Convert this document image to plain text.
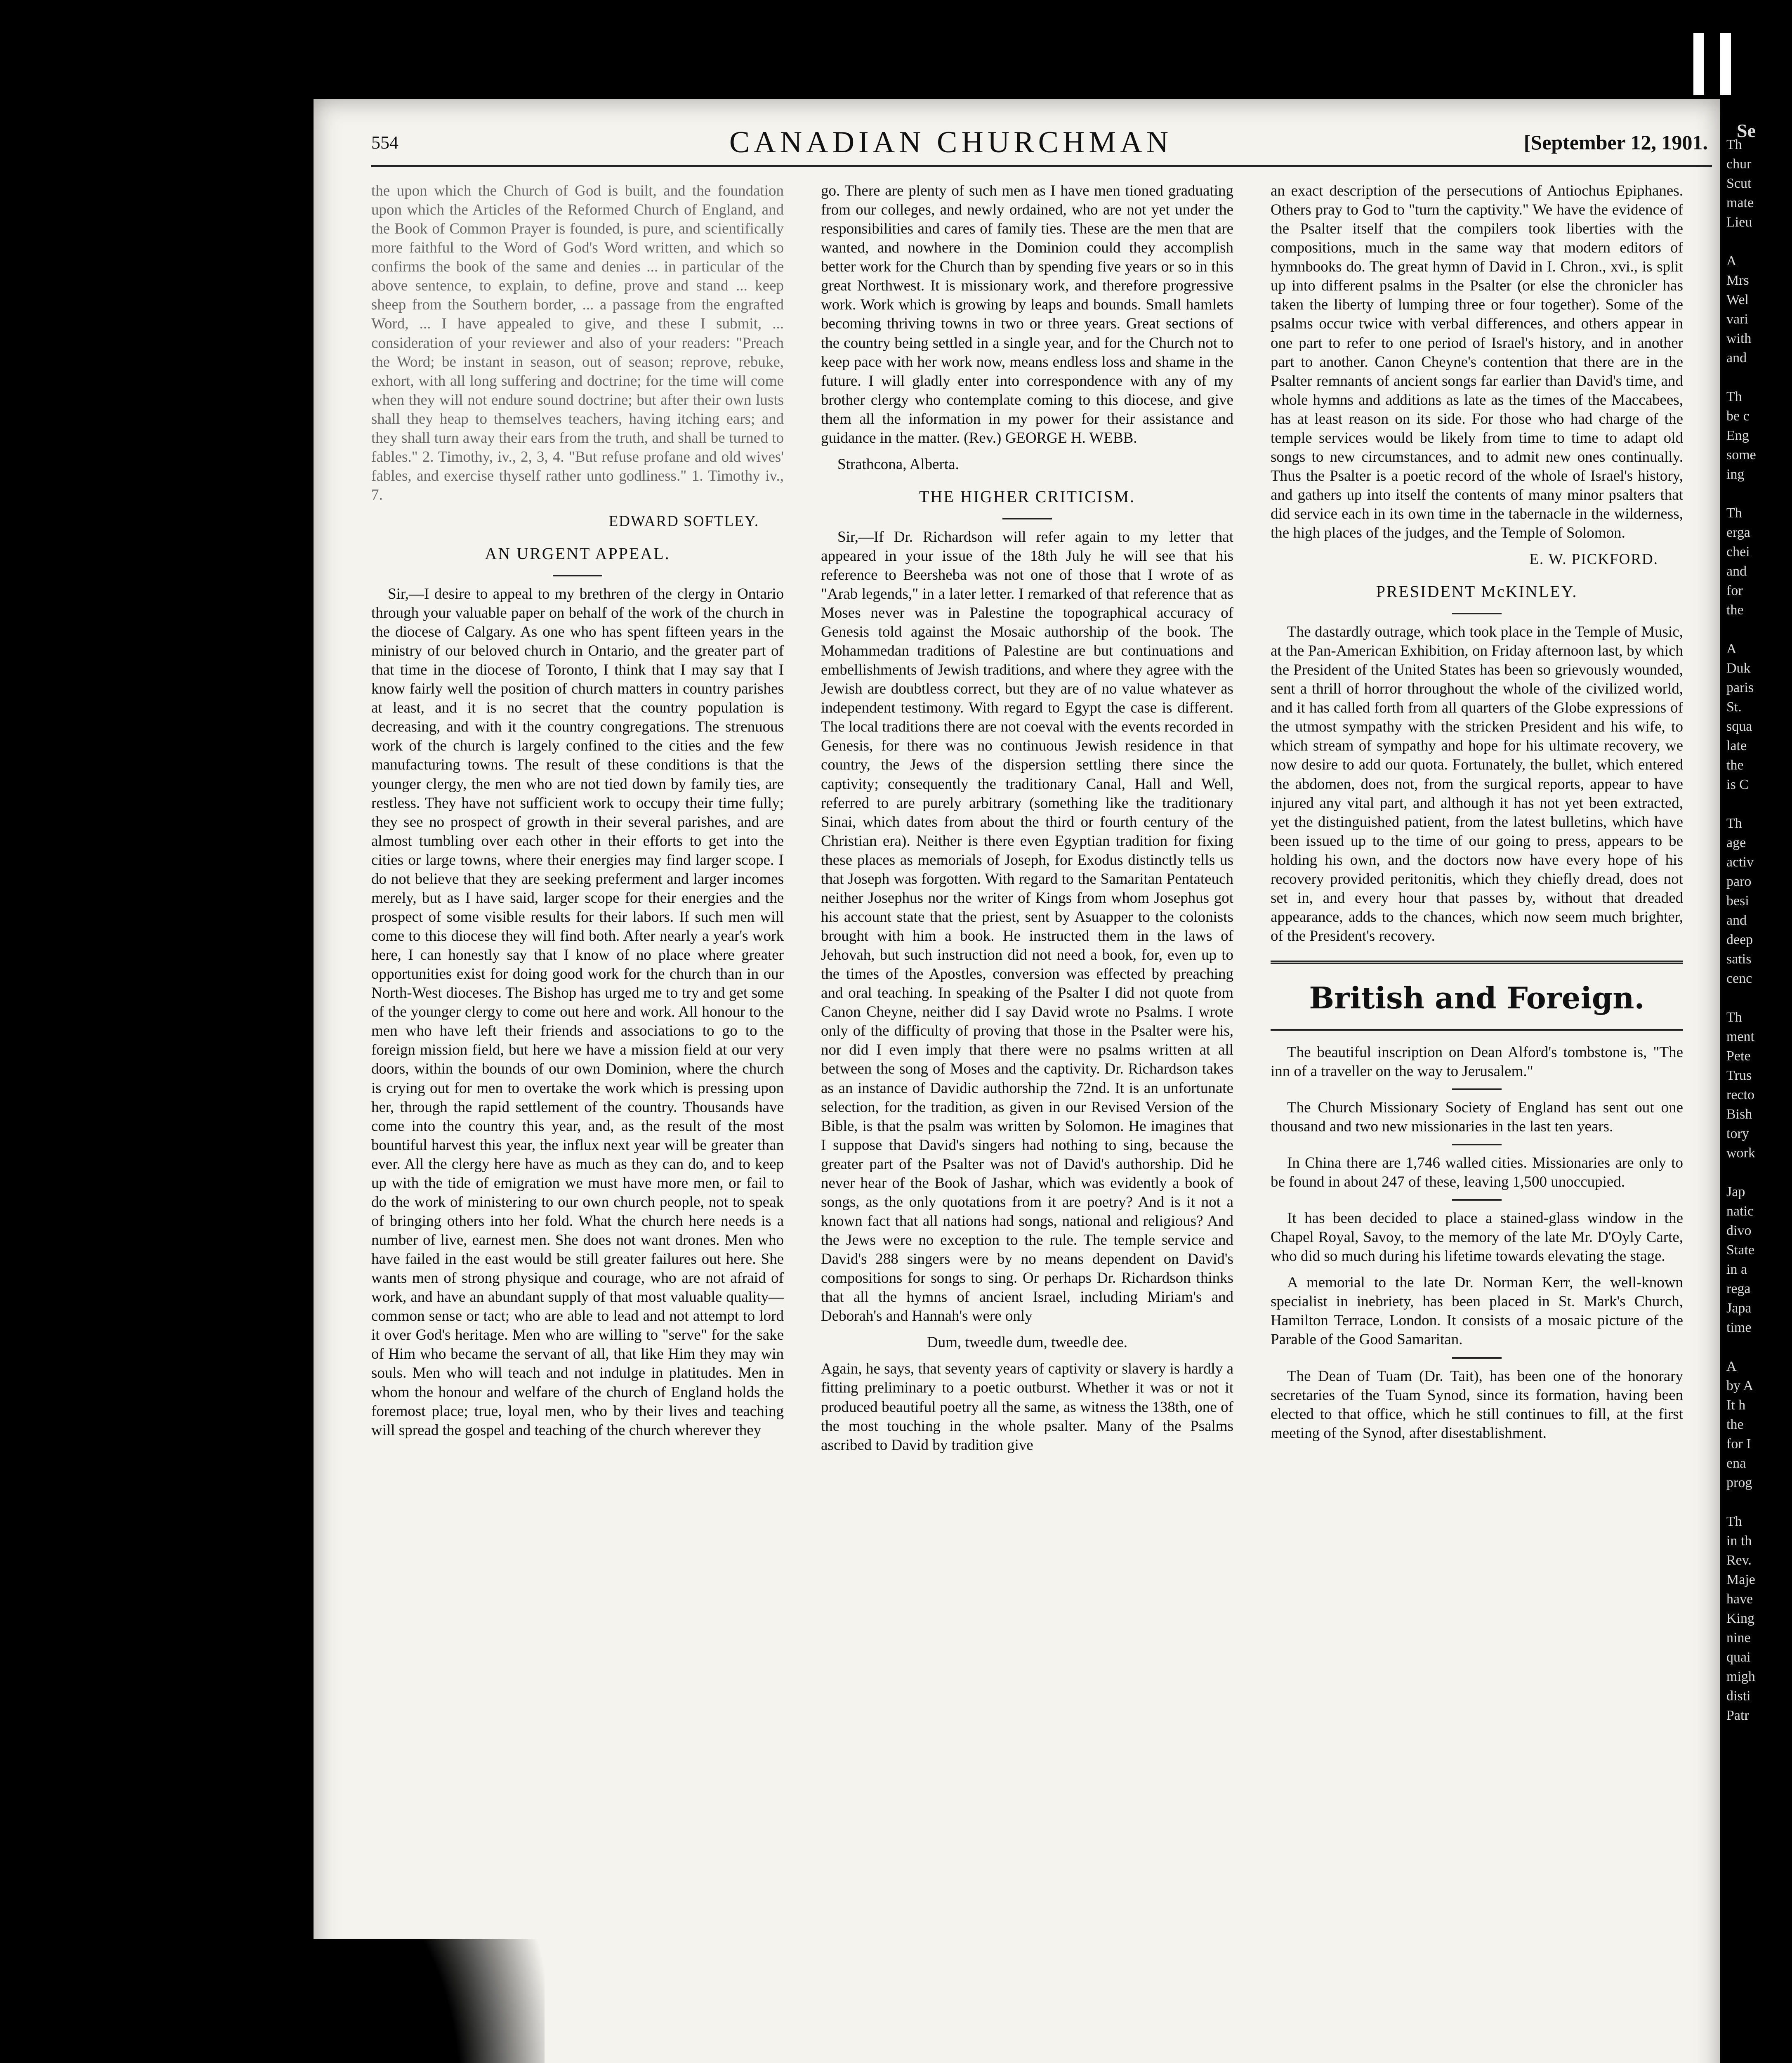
554	CANADIAN CHURCHMAN	[September 12, 1901.

the upon which the Church of God is built, and the foundation upon which the Articles of the Reformed Church of England, and the Book of Common Prayer is founded, is pure, and scientifically more faithful to the Word of God's Word written, and which so confirms the book of the same and denies ... in particular of the above sentence, to explain, to define, prove and stand ... keep sheep from the Southern border, ... a passage from the engrafted Word, ... I have appealed to give, and these I submit, ... consideration of your reviewer and also of your readers: "Preach the Word; be instant in season, out of season; reprove, rebuke, exhort, with all long suffering and doctrine; for the time will come when they will not endure sound doctrine; but after their own lusts shall they heap to themselves teachers, having itching ears; and they shall turn away their ears from the truth, and shall be turned to fables." 2. Timothy, iv., 2, 3, 4. "But refuse profane and old wives' fables, and exercise thyself rather unto godliness." 1. Timothy iv., 7.

EDWARD SOFTLEY.
AN URGENT APPEAL.

Sir,—I desire to appeal to my brethren of the clergy in Ontario through your valuable paper on behalf of the work of the church in the diocese of Calgary. As one who has spent fifteen years in the ministry of our beloved church in Ontario, and the greater part of that time in the diocese of Toronto, I think that I may say that I know fairly well the position of church matters in country parishes at least, and it is no secret that the country population is decreasing, and with it the country congregations. The strenuous work of the church is largely confined to the cities and the few manufacturing towns. The result of these conditions is that the younger clergy, the men who are not tied down by family ties, are restless. They have not sufficient work to occupy their time fully; they see no prospect of growth in their several parishes, and are almost tumbling over each other in their efforts to get into the cities or large towns, where their energies may find larger scope. I do not believe that they are seeking preferment and larger incomes merely, but as I have said, larger scope for their energies and the prospect of some visible results for their labors. If such men will come to this diocese they will find both. After nearly a year's work here, I can honestly say that I know of no place where greater opportunities exist for doing good work for the church than in our North-West dioceses. The Bishop has urged me to try and get some of the younger clergy to come out here and work. All honour to the men who have left their friends and associations to go to the foreign mission field, but here we have a mission field at our very doors, within the bounds of our own Dominion, where the church is crying out for men to overtake the work which is pressing upon her, through the rapid settlement of the country. Thousands have come into the country this year, and, as the result of the most bountiful harvest this year, the influx next year will be greater than ever. All the clergy here have as much as they can do, and to keep up with the tide of emigration we must have more men, or fail to do the work of ministering to our own church people, not to speak of bringing others into her fold. What the church here needs is a number of live, earnest men. She does not want drones. Men who have failed in the east would be still greater failures out here. She wants men of strong physique and courage, who are not afraid of work, and have an abundant supply of that most valuable quality—common sense or tact; who are able to lead and not attempt to lord it over God's heritage. Men who are willing to "serve" for the sake of Him who became the servant of all, that like Him they may win souls. Men who will teach and not indulge in platitudes. Men in whom the honour and welfare of the church of England holds the foremost place; true, loyal men, who by their lives and teaching will spread the gospel and teaching of the church wherever they

go. There are plenty of such men as I have men tioned graduating from our colleges, and newly ordained, who are not yet under the responsibilities and cares of family ties. These are the men that are wanted, and nowhere in the Dominion could they accomplish better work for the Church than by spending five years or so in this great Northwest. It is missionary work, and therefore progressive work. Work which is growing by leaps and bounds. Small hamlets becoming thriving towns in two or three years. Great sections of the country being settled in a single year, and for the Church not to keep pace with her work now, means endless loss and shame in the future. I will gladly enter into correspondence with any of my brother clergy who contemplate coming to this diocese, and give them all the information in my power for their assistance and guidance in the matter. (Rev.) GEORGE H. WEBB.

Strathcona, Alberta.
THE HIGHER CRITICISM.

Sir,—If Dr. Richardson will refer again to my letter that appeared in your issue of the 18th July he will see that his reference to Beersheba was not one of those that I wrote of as "Arab legends," in a later letter. I remarked of that reference that as Moses never was in Palestine the topographical accuracy of Genesis told against the Mosaic authorship of the book. The Mohammedan traditions of Palestine are but continuations and embellishments of Jewish traditions, and where they agree with the Jewish are doubtless correct, but they are of no value whatever as independent testimony. With regard to Egypt the case is different. The local traditions there are not coeval with the events recorded in Genesis, for there was no continuous Jewish residence in that country, the Jews of the dispersion settling there since the captivity; consequently the traditionary Canal, Hall and Well, referred to are purely arbitrary (something like the traditionary Sinai, which dates from about the third or fourth century of the Christian era). Neither is there even Egyptian tradition for fixing these places as memorials of Joseph, for Exodus distinctly tells us that Joseph was forgotten. With regard to the Samaritan Pentateuch neither Josephus nor the writer of Kings from whom Josephus got his account state that the priest, sent by Asuapper to the colonists brought with him a book. He instructed them in the laws of Jehovah, but such instruction did not need a book, for, even up to the times of the Apostles, conversion was effected by preaching and oral teaching. In speaking of the Psalter I did not quote from Canon Cheyne, neither did I say David wrote no Psalms. I wrote only of the difficulty of proving that those in the Psalter were his, nor did I even imply that there were no psalms written at all between the song of Moses and the captivity. Dr. Richardson takes as an instance of Davidic authorship the 72nd. It is an unfortunate selection, for the tradition, as given in our Revised Version of the Bible, is that the psalm was written by Solomon. He imagines that I suppose that David's singers had nothing to sing, because the greater part of the Psalter was not of David's authorship. Did he never hear of the Book of Jashar, which was evidently a book of songs, as the only quotations from it are poetry? And is it not a known fact that all nations had songs, national and religious? And the Jews were no exception to the rule. The temple service and David's 288 singers were by no means dependent on David's compositions for songs to sing. Or perhaps Dr. Richardson thinks that all the hymns of ancient Israel, including Miriam's and Deborah's and Hannah's were only

Dum, tweedle dum, tweedle dee.

Again, he says, that seventy years of captivity or slavery is hardly a fitting preliminary to a poetic outburst. Whether it was or not it produced beautiful poetry all the same, as witness the 138th, one of the most touching in the whole psalter. Many of the Psalms ascribed to David by tradition give

an exact description of the persecutions of Antiochus Epiphanes. Others pray to God to "turn the captivity." We have the evidence of the Psalter itself that the compilers took liberties with the compositions, much in the same way that modern editors of hymnbooks do. The great hymn of David in I. Chron., xvi., is split up into different psalms in the Psalter (or else the chronicler has taken the liberty of lumping three or four together). Some of the psalms occur twice with verbal differences, and others appear in one part to refer to one period of Israel's history, and in another part to another. Canon Cheyne's contention that there are in the Psalter remnants of ancient songs far earlier than David's time, and whole hymns and additions as late as the times of the Maccabees, has at least reason on its side. For those who had charge of the temple services would be likely from time to time to adapt old songs to new circumstances, and to admit new ones continually. Thus the Psalter is a poetic record of the whole of Israel's history, and gathers up into itself the contents of many minor psalters that did service each in its own time in the tabernacle in the wilderness, the high places of the judges, and the Temple of Solomon.

E. W. PICKFORD.
PRESIDENT McKINLEY.

The dastardly outrage, which took place in the Temple of Music, at the Pan-American Exhibition, on Friday afternoon last, by which the President of the United States has been so grievously wounded, sent a thrill of horror throughout the whole of the civilized world, and it has called forth from all quarters of the Globe expressions of the utmost sympathy with the stricken President and his wife, to which stream of sympathy and hope for his ultimate recovery, we now desire to add our quota. Fortunately, the bullet, which entered the abdomen, does not, from the surgical reports, appear to have injured any vital part, and although it has not yet been extracted, yet the distinguished patient, from the latest bulletins, which have been issued up to the time of our going to press, appears to be holding his own, and the doctors now have every hope of his recovery provided peritonitis, which they chiefly dread, does not set in, and every hour that passes by, without that dreaded appearance, adds to the chances, which now seem much brighter, of the President's recovery.

British and Foreign.

The beautiful inscription on Dean Alford's tombstone is, "The inn of a traveller on the way to Jerusalem."

The Church Missionary Society of England has sent out one thousand and two new missionaries in the last ten years.

In China there are 1,746 walled cities. Missionaries are only to be found in about 247 of these, leaving 1,500 unoccupied.

It has been decided to place a stained-glass window in the Chapel Royal, Savoy, to the memory of the late Mr. D'Oyly Carte, who did so much during his lifetime towards elevating the stage.

A memorial to the late Dr. Norman Kerr, the well-known specialist in inebriety, has been placed in St. Mark's Church, Hamilton Terrace, London. It consists of a mosaic picture of the Parable of the Good Samaritan.

The Dean of Tuam (Dr. Tait), has been one of the honorary secretaries of the Tuam Synod, since its formation, having been elected to that office, which he still continues to fill, at the first meeting of the Synod, after disestablishment.

Se
Th
chur
Scut
mate
Lieu
A
Mrs
Wel
vari
with
and
Th
be c
Eng
some
ing
Th
erga
chei
and
for
the
A
Duk
paris
St.
squa
late
the
is C
Th
age
activ
paro
besi
and
deep
satis
cenc
Th
ment
Pete
Trus
recto
Bish
tory
work
Jap
natic
divo
State
in a
rega
Japa
time
A
by A
It h
the
for I
ena
prog
Th
in th
Rev.
Maje
have
King
nine
quai
migh
disti
Patr
